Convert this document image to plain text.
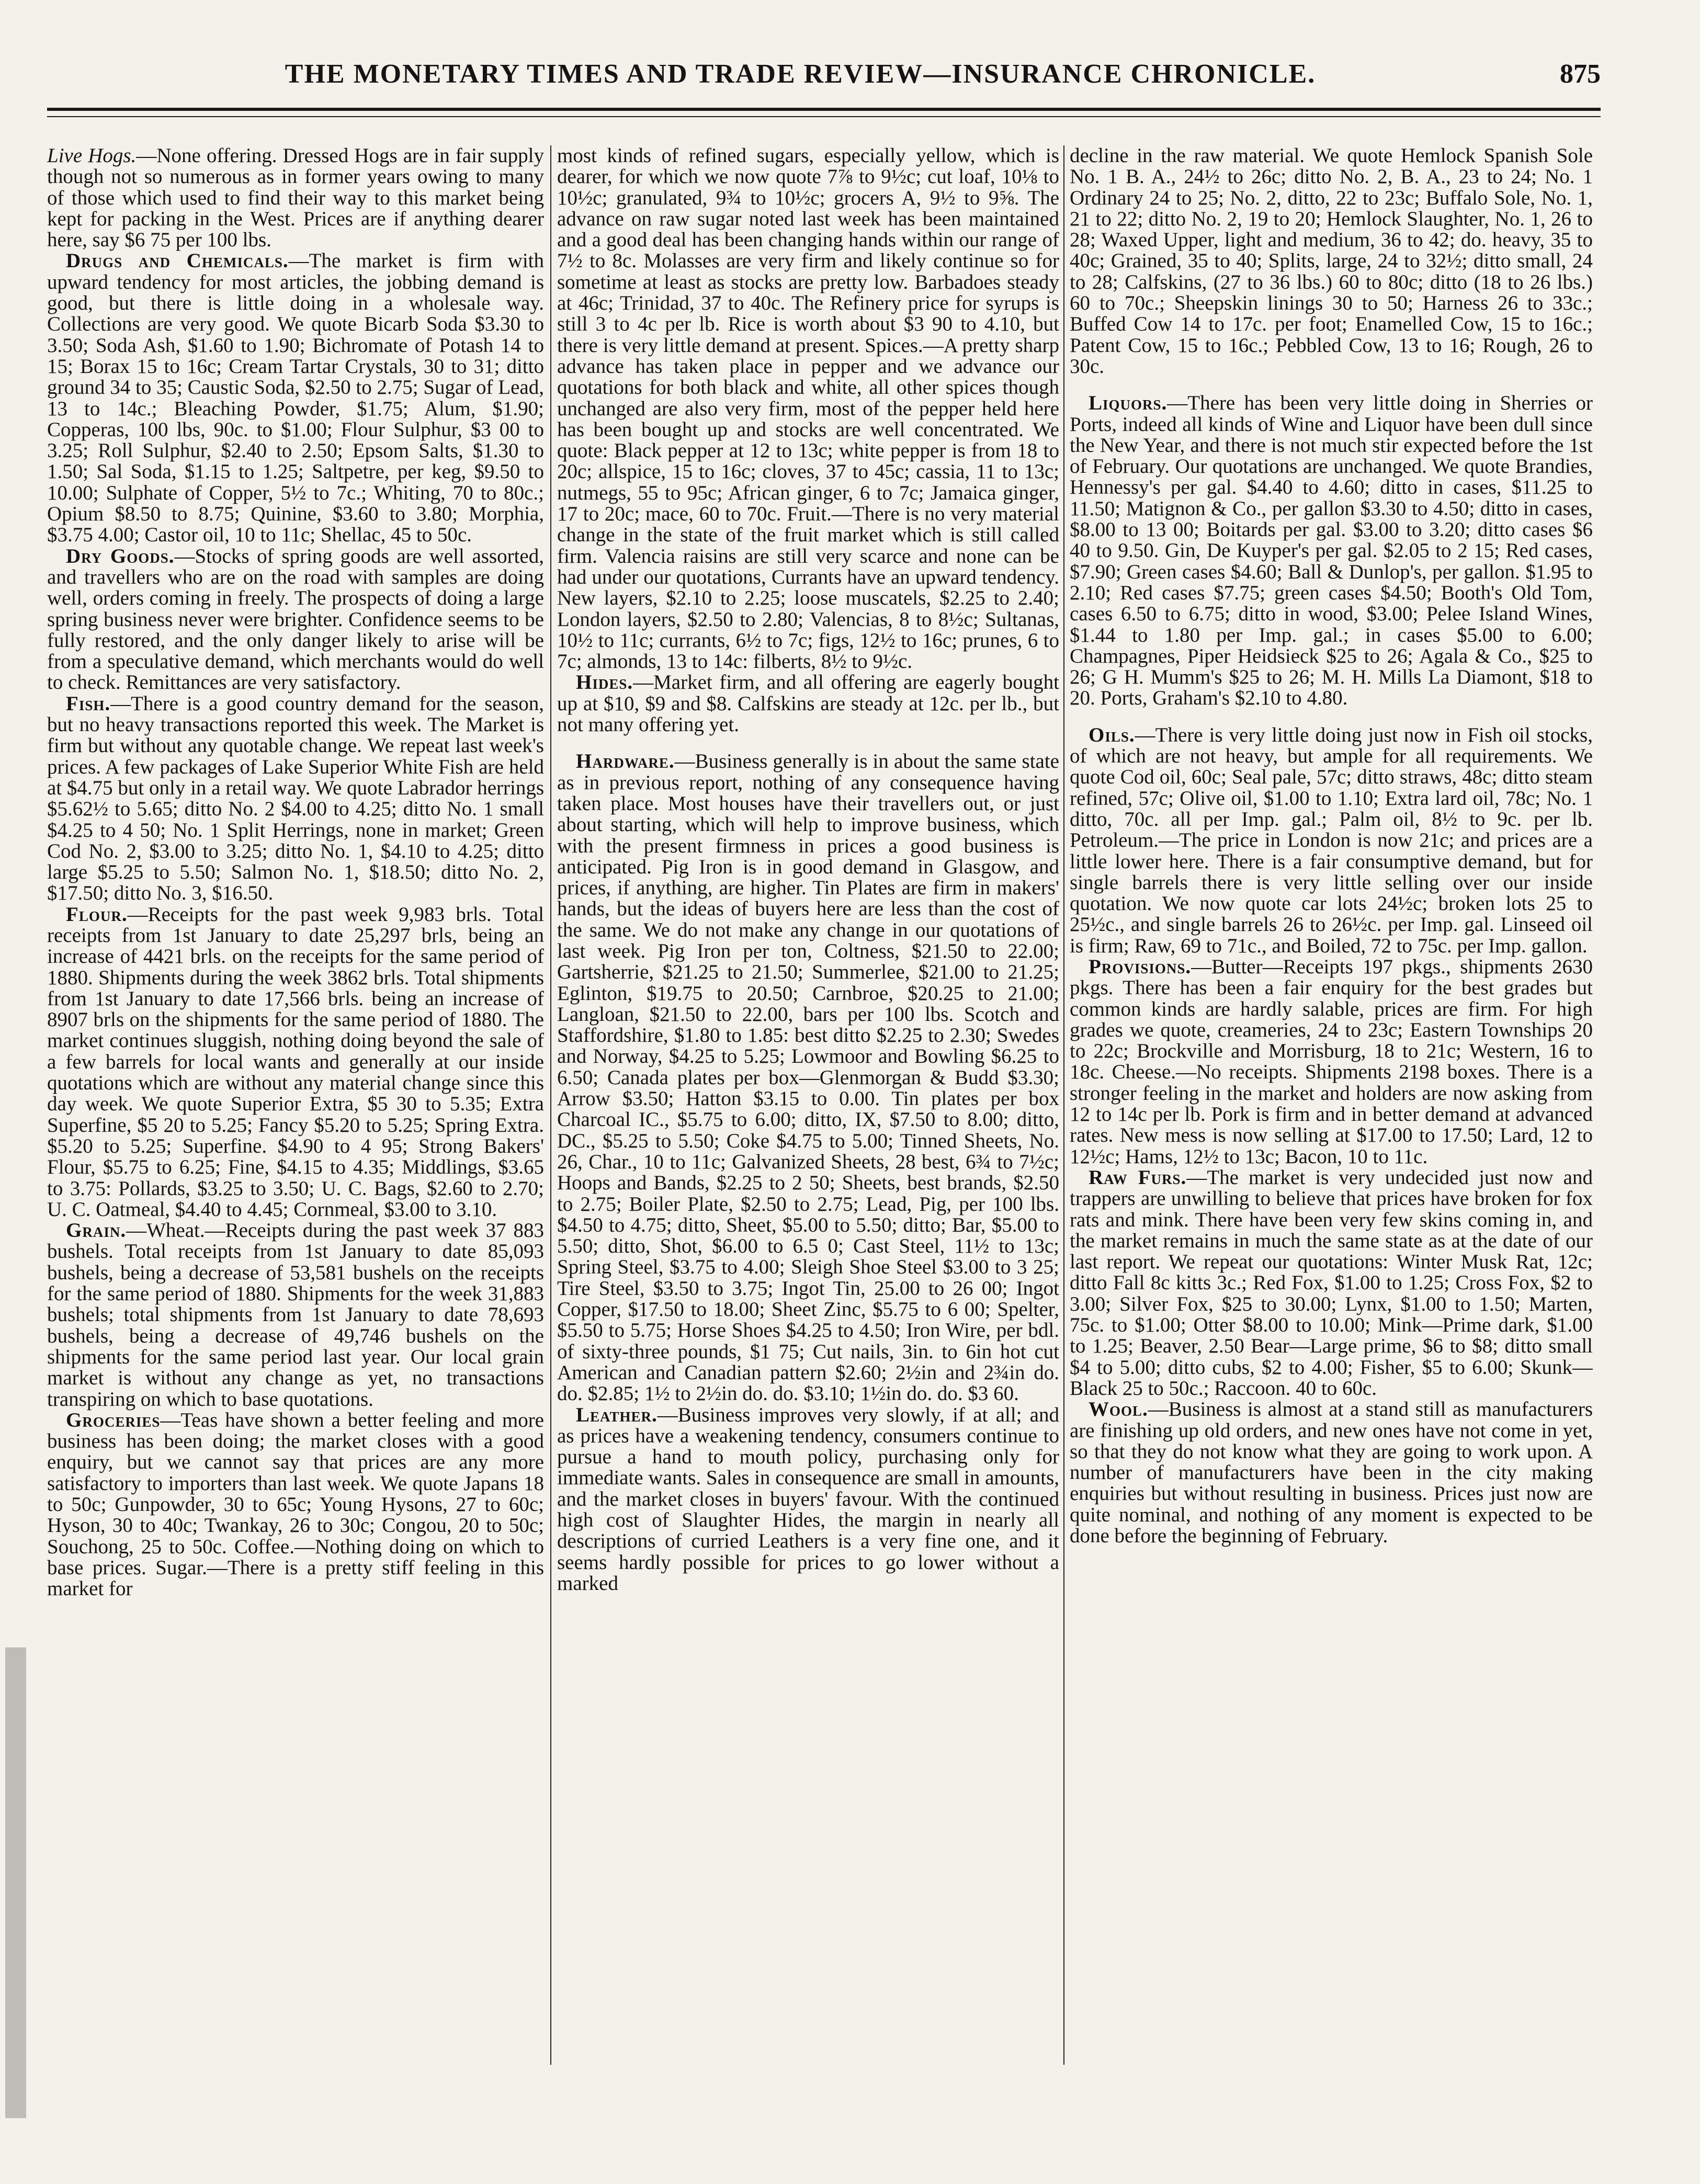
THE MONETARY TIMES AND TRADE REVIEW—INSURANCE CHRONICLE.	875

Live Hogs.—None offering. Dressed Hogs are in fair supply though not so numerous as in former years owing to many of those which used to find their way to this market being kept for packing in the West. Prices are if anything dearer here, say $6 75 per 100 lbs.

Drugs and Chemicals.—The market is firm with upward tendency for most articles, the jobbing demand is good, but there is little doing in a wholesale way. Collections are very good. We quote Bicarb Soda $3.30 to 3.50; Soda Ash, $1.60 to 1.90; Bichromate of Potash 14 to 15; Borax 15 to 16c; Cream Tartar Crystals, 30 to 31; ditto ground 34 to 35; Caustic Soda, $2.50 to 2.75; Sugar of Lead, 13 to 14c.; Bleaching Powder, $1.75; Alum, $1.90; Copperas, 100 lbs, 90c. to $1.00; Flour Sulphur, $3 00 to 3.25; Roll Sulphur, $2.40 to 2.50; Epsom Salts, $1.30 to 1.50; Sal Soda, $1.15 to 1.25; Saltpetre, per keg, $9.50 to 10.00; Sulphate of Copper, 5½ to 7c.; Whiting, 70 to 80c.; Opium $8.50 to 8.75; Quinine, $3.60 to 3.80; Morphia, $3.75 4.00; Castor oil, 10 to 11c; Shellac, 45 to 50c.

Dry Goods.—Stocks of spring goods are well assorted, and travellers who are on the road with samples are doing well, orders coming in freely. The prospects of doing a large spring business never were brighter. Confidence seems to be fully restored, and the only danger likely to arise will be from a speculative demand, which merchants would do well to check. Remittances are very satisfactory.

Fish.—There is a good country demand for the season, but no heavy transactions reported this week. The Market is firm but without any quotable change. We repeat last week's prices. A few packages of Lake Superior White Fish are held at $4.75 but only in a retail way. We quote Labrador herrings $5.62½ to 5.65; ditto No. 2 $4.00 to 4.25; ditto No. 1 small $4.25 to 4 50; No. 1 Split Herrings, none in market; Green Cod No. 2, $3.00 to 3.25; ditto No. 1, $4.10 to 4.25; ditto large $5.25 to 5.50; Salmon No. 1, $18.50; ditto No. 2, $17.50; ditto No. 3, $16.50.

Flour.—Receipts for the past week 9,983 brls. Total receipts from 1st January to date 25,297 brls, being an increase of 4421 brls. on the receipts for the same period of 1880. Shipments during the week 3862 brls. Total shipments from 1st January to date 17,566 brls. being an increase of 8907 brls on the shipments for the same period of 1880. The market continues sluggish, nothing doing beyond the sale of a few barrels for local wants and generally at our inside quotations which are without any material change since this day week. We quote Superior Extra, $5 30 to 5.35; Extra Superfine, $5 20 to 5.25; Fancy $5.20 to 5.25; Spring Extra. $5.20 to 5.25; Superfine. $4.90 to 4 95; Strong Bakers' Flour, $5.75 to 6.25; Fine, $4.15 to 4.35; Middlings, $3.65 to 3.75: Pollards, $3.25 to 3.50; U. C. Bags, $2.60 to 2.70; U. C. Oatmeal, $4.40 to 4.45; Cornmeal, $3.00 to 3.10.

Grain.—Wheat.—Receipts during the past week 37 883 bushels. Total receipts from 1st January to date 85,093 bushels, being a decrease of 53,581 bushels on the receipts for the same period of 1880. Shipments for the week 31,883 bushels; total shipments from 1st January to date 78,693 bushels, being a decrease of 49,746 bushels on the shipments for the same period last year. Our local grain market is without any change as yet, no transactions transpiring on which to base quotations.

Groceries—Teas have shown a better feeling and more business has been doing; the market closes with a good enquiry, but we cannot say that prices are any more satisfactory to importers than last week. We quote Japans 18 to 50c; Gunpowder, 30 to 65c; Young Hysons, 27 to 60c; Hyson, 30 to 40c; Twankay, 26 to 30c; Congou, 20 to 50c; Souchong, 25 to 50c. Coffee.—Nothing doing on which to base prices. Sugar.—There is a pretty stiff feeling in this market for

most kinds of refined sugars, especially yellow, which is dearer, for which we now quote 7⅞ to 9½c; cut loaf, 10⅛ to 10½c; granulated, 9¾ to 10½c; grocers A, 9½ to 9⅝. The advance on raw sugar noted last week has been maintained and a good deal has been changing hands within our range of 7½ to 8c. Molasses are very firm and likely continue so for sometime at least as stocks are pretty low. Barbadoes steady at 46c; Trinidad, 37 to 40c. The Refinery price for syrups is still 3 to 4c per lb. Rice is worth about $3 90 to 4.10, but there is very little demand at present. Spices.—A pretty sharp advance has taken place in pepper and we advance our quotations for both black and white, all other spices though unchanged are also very firm, most of the pepper held here has been bought up and stocks are well concentrated. We quote: Black pepper at 12 to 13c; white pepper is from 18 to 20c; allspice, 15 to 16c; cloves, 37 to 45c; cassia, 11 to 13c; nutmegs, 55 to 95c; African ginger, 6 to 7c; Jamaica ginger, 17 to 20c; mace, 60 to 70c. Fruit.—There is no very material change in the state of the fruit market which is still called firm. Valencia raisins are still very scarce and none can be had under our quotations, Currants have an upward tendency. New layers, $2.10 to 2.25; loose muscatels, $2.25 to 2.40; London layers, $2.50 to 2.80; Valencias, 8 to 8½c; Sultanas, 10½ to 11c; currants, 6½ to 7c; figs, 12½ to 16c; prunes, 6 to 7c; almonds, 13 to 14c: filberts, 8½ to 9½c.

Hides.—Market firm, and all offering are eagerly bought up at $10, $9 and $8. Calfskins are steady at 12c. per lb., but not many offering yet.

Hardware.—Business generally is in about the same state as in previous report, nothing of any consequence having taken place. Most houses have their travellers out, or just about starting, which will help to improve business, which with the present firmness in prices a good business is anticipated. Pig Iron is in good demand in Glasgow, and prices, if anything, are higher. Tin Plates are firm in makers' hands, but the ideas of buyers here are less than the cost of the same. We do not make any change in our quotations of last week. Pig Iron per ton, Coltness, $21.50 to 22.00; Gartsherrie, $21.25 to 21.50; Summerlee, $21.00 to 21.25; Eglinton, $19.75 to 20.50; Carnbroe, $20.25 to 21.00; Langloan, $21.50 to 22.00, bars per 100 lbs. Scotch and Staffordshire, $1.80 to 1.85: best ditto $2.25 to 2.30; Swedes and Norway, $4.25 to 5.25; Lowmoor and Bowling $6.25 to 6.50; Canada plates per box—Glenmorgan & Budd $3.30; Arrow $3.50; Hatton $3.15 to 0.00. Tin plates per box Charcoal IC., $5.75 to 6.00; ditto, IX, $7.50 to 8.00; ditto, DC., $5.25 to 5.50; Coke $4.75 to 5.00; Tinned Sheets, No. 26, Char., 10 to 11c; Galvanized Sheets, 28 best, 6¾ to 7½c; Hoops and Bands, $2.25 to 2 50; Sheets, best brands, $2.50 to 2.75; Boiler Plate, $2.50 to 2.75; Lead, Pig, per 100 lbs. $4.50 to 4.75; ditto, Sheet, $5.00 to 5.50; ditto; Bar, $5.00 to 5.50; ditto, Shot, $6.00 to 6.5 0; Cast Steel, 11½ to 13c; Spring Steel, $3.75 to 4.00; Sleigh Shoe Steel $3.00 to 3 25; Tire Steel, $3.50 to 3.75; Ingot Tin, 25.00 to 26 00; Ingot Copper, $17.50 to 18.00; Sheet Zinc, $5.75 to 6 00; Spelter, $5.50 to 5.75; Horse Shoes $4.25 to 4.50; Iron Wire, per bdl. of sixty-three pounds, $1 75; Cut nails, 3in. to 6in hot cut American and Canadian pattern $2.60; 2½in and 2¾in do. do. $2.85; 1½ to 2½in do. do. $3.10; 1½in do. do. $3 60.

Leather.—Business improves very slowly, if at all; and as prices have a weakening tendency, consumers continue to pursue a hand to mouth policy, purchasing only for immediate wants. Sales in consequence are small in amounts, and the market closes in buyers' favour. With the continued high cost of Slaughter Hides, the margin in nearly all descriptions of curried Leathers is a very fine one, and it seems hardly possible for prices to go lower without a marked

decline in the raw material. We quote Hemlock Spanish Sole No. 1 B. A., 24½ to 26c; ditto No. 2, B. A., 23 to 24; No. 1 Ordinary 24 to 25; No. 2, ditto, 22 to 23c; Buffalo Sole, No. 1, 21 to 22; ditto No. 2, 19 to 20; Hemlock Slaughter, No. 1, 26 to 28; Waxed Upper, light and medium, 36 to 42; do. heavy, 35 to 40c; Grained, 35 to 40; Splits, large, 24 to 32½; ditto small, 24 to 28; Calfskins, (27 to 36 lbs.) 60 to 80c; ditto (18 to 26 lbs.) 60 to 70c.; Sheepskin linings 30 to 50; Harness 26 to 33c.; Buffed Cow 14 to 17c. per foot; Enamelled Cow, 15 to 16c.; Patent Cow, 15 to 16c.; Pebbled Cow, 13 to 16; Rough, 26 to 30c.

Liquors.—There has been very little doing in Sherries or Ports, indeed all kinds of Wine and Liquor have been dull since the New Year, and there is not much stir expected before the 1st of February. Our quotations are unchanged. We quote Brandies, Hennessy's per gal. $4.40 to 4.60; ditto in cases, $11.25 to 11.50; Matignon & Co., per gallon $3.30 to 4.50; ditto in cases, $8.00 to 13 00; Boitards per gal. $3.00 to 3.20; ditto cases $6 40 to 9.50. Gin, De Kuyper's per gal. $2.05 to 2 15; Red cases, $7.90; Green cases $4.60; Ball & Dunlop's, per gallon. $1.95 to 2.10; Red cases $7.75; green cases $4.50; Booth's Old Tom, cases 6.50 to 6.75; ditto in wood, $3.00; Pelee Island Wines, $1.44 to 1.80 per Imp. gal.; in cases $5.00 to 6.00; Champagnes, Piper Heidsieck $25 to 26; Agala & Co., $25 to 26; G H. Mumm's $25 to 26; M. H. Mills La Diamont, $18 to 20. Ports, Graham's $2.10 to 4.80.

Oils.—There is very little doing just now in Fish oil stocks, of which are not heavy, but ample for all requirements. We quote Cod oil, 60c; Seal pale, 57c; ditto straws, 48c; ditto steam refined, 57c; Olive oil, $1.00 to 1.10; Extra lard oil, 78c; No. 1 ditto, 70c. all per Imp. gal.; Palm oil, 8½ to 9c. per lb. Petroleum.—The price in London is now 21c; and prices are a little lower here. There is a fair consumptive demand, but for single barrels there is very little selling over our inside quotation. We now quote car lots 24½c; broken lots 25 to 25½c., and single barrels 26 to 26½c. per Imp. gal. Linseed oil is firm; Raw, 69 to 71c., and Boiled, 72 to 75c. per Imp. gallon.

Provisions.—Butter—Receipts 197 pkgs., shipments 2630 pkgs. There has been a fair enquiry for the best grades but common kinds are hardly salable, prices are firm. For high grades we quote, creameries, 24 to 23c; Eastern Townships 20 to 22c; Brockville and Morrisburg, 18 to 21c; Western, 16 to 18c. Cheese.—No receipts. Shipments 2198 boxes. There is a stronger feeling in the market and holders are now asking from 12 to 14c per lb. Pork is firm and in better demand at advanced rates. New mess is now selling at $17.00 to 17.50; Lard, 12 to 12½c; Hams, 12½ to 13c; Bacon, 10 to 11c.

Raw Furs.—The market is very undecided just now and trappers are unwilling to believe that prices have broken for fox rats and mink. There have been very few skins coming in, and the market remains in much the same state as at the date of our last report. We repeat our quotations: Winter Musk Rat, 12c; ditto Fall 8c kitts 3c.; Red Fox, $1.00 to 1.25; Cross Fox, $2 to 3.00; Silver Fox, $25 to 30.00; Lynx, $1.00 to 1.50; Marten, 75c. to $1.00; Otter $8.00 to 10.00; Mink—Prime dark, $1.00 to 1.25; Beaver, 2.50 Bear—Large prime, $6 to $8; ditto small $4 to 5.00; ditto cubs, $2 to 4.00; Fisher, $5 to 6.00; Skunk—Black 25 to 50c.; Raccoon. 40 to 60c.

Wool.—Business is almost at a stand still as manufacturers are finishing up old orders, and new ones have not come in yet, so that they do not know what they are going to work upon. A number of manufacturers have been in the city making enquiries but without resulting in business. Prices just now are quite nominal, and nothing of any moment is expected to be done before the beginning of February.
